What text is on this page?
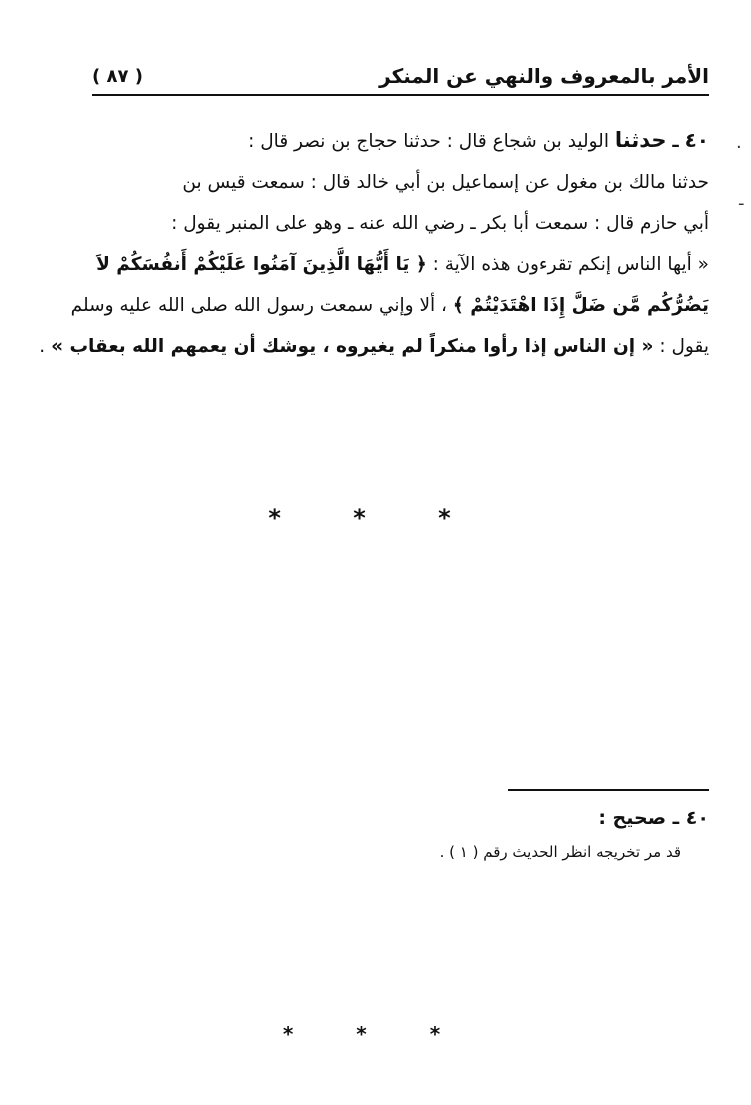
الأمر بالمعروف والنهي عن المنكر
( ٨٧ )
.
-
٤٠ ـ حدثنا الوليد بن شجاع قال : حدثنا حجاج بن نصر قال :
حدثنا مالك بن مغول عن إسماعيل بن أبي خالد قال : سمعت قيس بن
أبي حازم قال : سمعت أبا بكر ـ رضي الله عنه ـ وهو على المنبر يقول :
« أيها الناس إنكم تقرءون هذه الآية : ﴿ يَا أَيُّهَا الَّذِينَ آمَنُوا عَلَيْكُمْ أَنفُسَكُمْ لاَ
يَضُرُّكُم مَّن ضَلَّ إِذَا اهْتَدَيْتُمْ ﴾ ، ألا وإني سمعت رسول الله صلى الله عليه وسلم
يقول : « إن الناس إذا رأوا منكراً لم يغيروه ، يوشك أن يعمهم الله بعقاب » .
* * *
٤٠ ـ صحيح :
قد مر تخريجه انظر الحديث رقم ( ١ ) .
* * *
